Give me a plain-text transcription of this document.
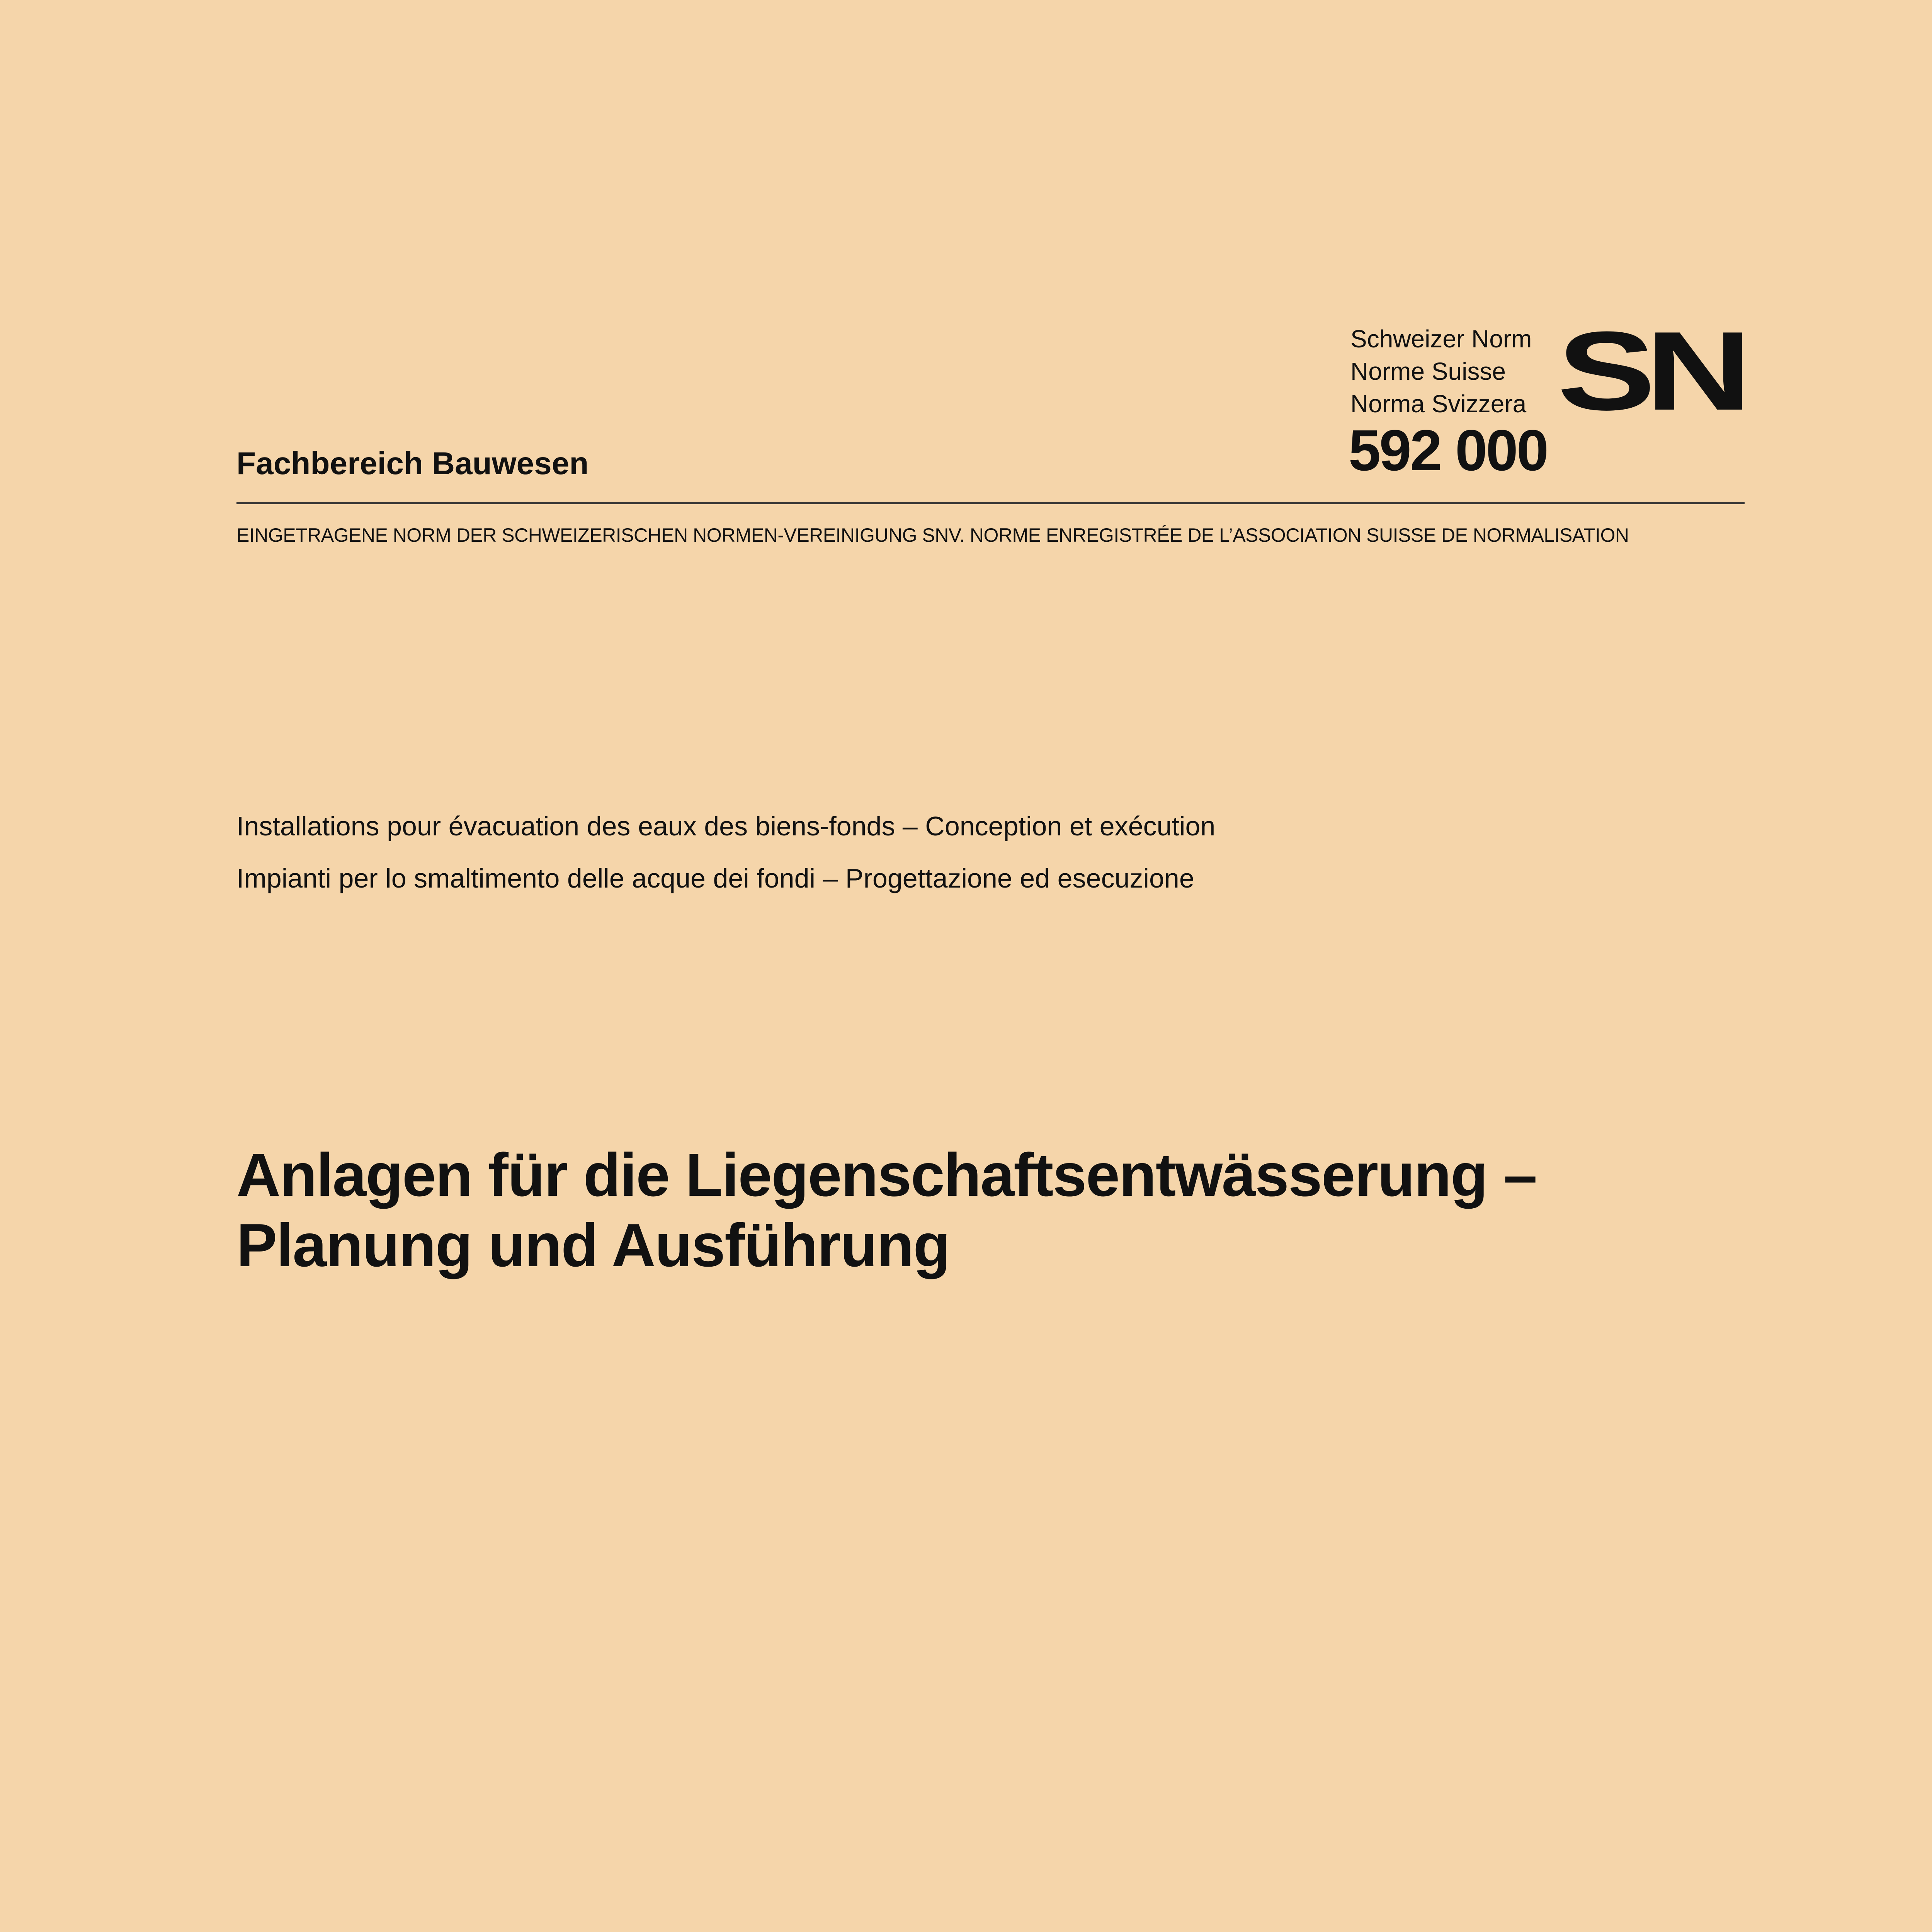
Schweizer Norm
Norme Suisse
Norma Svizzera SN
592 000
Fachbereich Bauwesen
EINGETRAGENE NORM DER SCHWEIZERISCHEN NORMEN-VEREINIGUNG SNV. NORME ENREGISTRÉE DE L’ASSOCIATION SUISSE DE NORMALISATION
Installations pour évacuation des eaux des biens-fonds – Conception et exécution
Impianti per lo smaltimento delle acque dei fondi – Progettazione ed esecuzione
Anlagen für die Liegenschaftsentwässerung –
Planung und Ausführung
